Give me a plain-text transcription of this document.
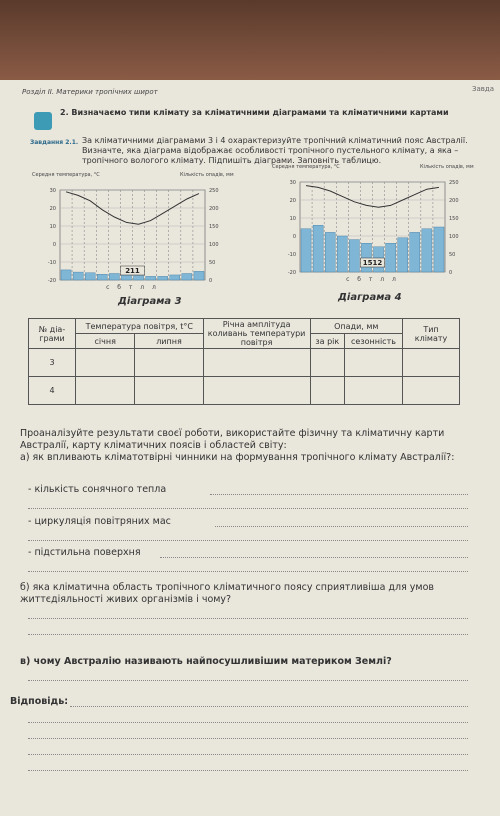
Розділ ІІ. Материки тропічних широт	Завда
2. Визначаємо типи клімату за кліматичними діаграмами та кліматичними картами
Завдання 2.1. За кліматичними діаграмами 3 і 4 охарактеризуйте тропічний кліматичний пояс Австралії. Визначте, яка діаграма відображає особливості тропічного пустельного клімату, а яка – тропічного вологого клімату. Підпишіть діаграми. Заповніть таблицю.
Середня температура, °C	Кількість опадів, мм
-20
-10
0
10
20
30
0
50
100
150
200
250
211
с б т л л
Діаграма 3
Середня температура, °C	Кількість опадів, мм
-20
-10
0
10
20
30
0
50
100
150
200
250
1512
с б т л л
Діаграма 4
№ діа-грами	Температура повітря, t°C		Річна амплітуда коливань температури повітря	Опади, мм		Тип клімату
	січня	липня		за рік	сезонність	
3						
4						
Проаналізуйте результати своєї роботи, використайте фізичну та кліматичну карти Австралії, карту кліматичних поясів і областей світу:
а) як впливають кліматотвірні чинники на формування тропічного клімату Австралії?:
- кількість сонячного тепла
- циркуляція повітряних мас
- підстильна поверхня
б) яка кліматична область тропічного кліматичного поясу сприятливіша для умов життєдіяльності живих організмів і чому?
в) чому Австралію називають найпосушливішим материком Землі?
Відповідь:
